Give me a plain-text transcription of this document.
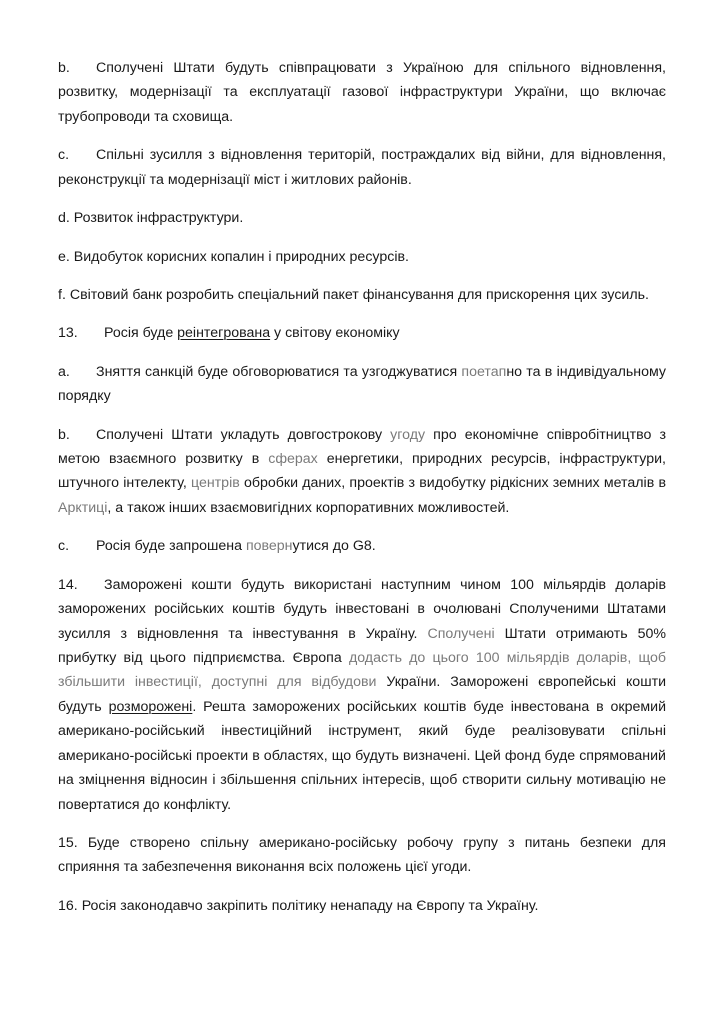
b. Сполучені Штати будуть співпрацювати з Україною для спільного відновлення, розвитку, модернізації та експлуатації газової інфраструктури України, що включає трубопроводи та сховища.

c. Спільні зусилля з відновлення територій, постраждалих від війни, для відновлення, реконструкції та модернізації міст і житлових районів.

d. Розвиток інфраструктури.

e. Видобуток корисних копалин і природних ресурсів.

f. Світовий банк розробить спеціальний пакет фінансування для прискорення цих зусиль.

13. Росія буде реінтегрована у світову економіку

a. Зняття санкцій буде обговорюватися та узгоджуватися поетапно та в індивідуальному порядку

b. Сполучені Штати укладуть довгострокову угоду про економічне співробітництво з метою взаємного розвитку в сферах енергетики, природних ресурсів, інфраструктури, штучного інтелекту, центрів обробки даних, проектів з видобутку рідкісних земних металів в Арктиці, а також інших взаємовигідних корпоративних можливостей.

c. Росія буде запрошена повернутися до G8.

14. Заморожені кошти будуть використані наступним чином 100 мільярдів доларів заморожених російських коштів будуть інвестовані в очолювані Сполученими Штатами зусилля з відновлення та інвестування в Україну. Сполучені Штати отримають 50% прибутку від цього підприємства. Європа додасть до цього 100 мільярдів доларів, щоб збільшити інвестиції, доступні для відбудови України. Заморожені європейські кошти будуть розморожені. Решта заморожених російських коштів буде інвестована в окремий американо-російський інвестиційний інструмент, який буде реалізовувати спільні американо-російські проекти в областях, що будуть визначені. Цей фонд буде спрямований на зміцнення відносин і збільшення спільних інтересів, щоб створити сильну мотивацію не повертатися до конфлікту.

15. Буде створено спільну американо-російську робочу групу з питань безпеки для сприяння та забезпечення виконання всіх положень цієї угоди.

16. Росія законодавчо закріпить політику ненападу на Європу та Україну.
